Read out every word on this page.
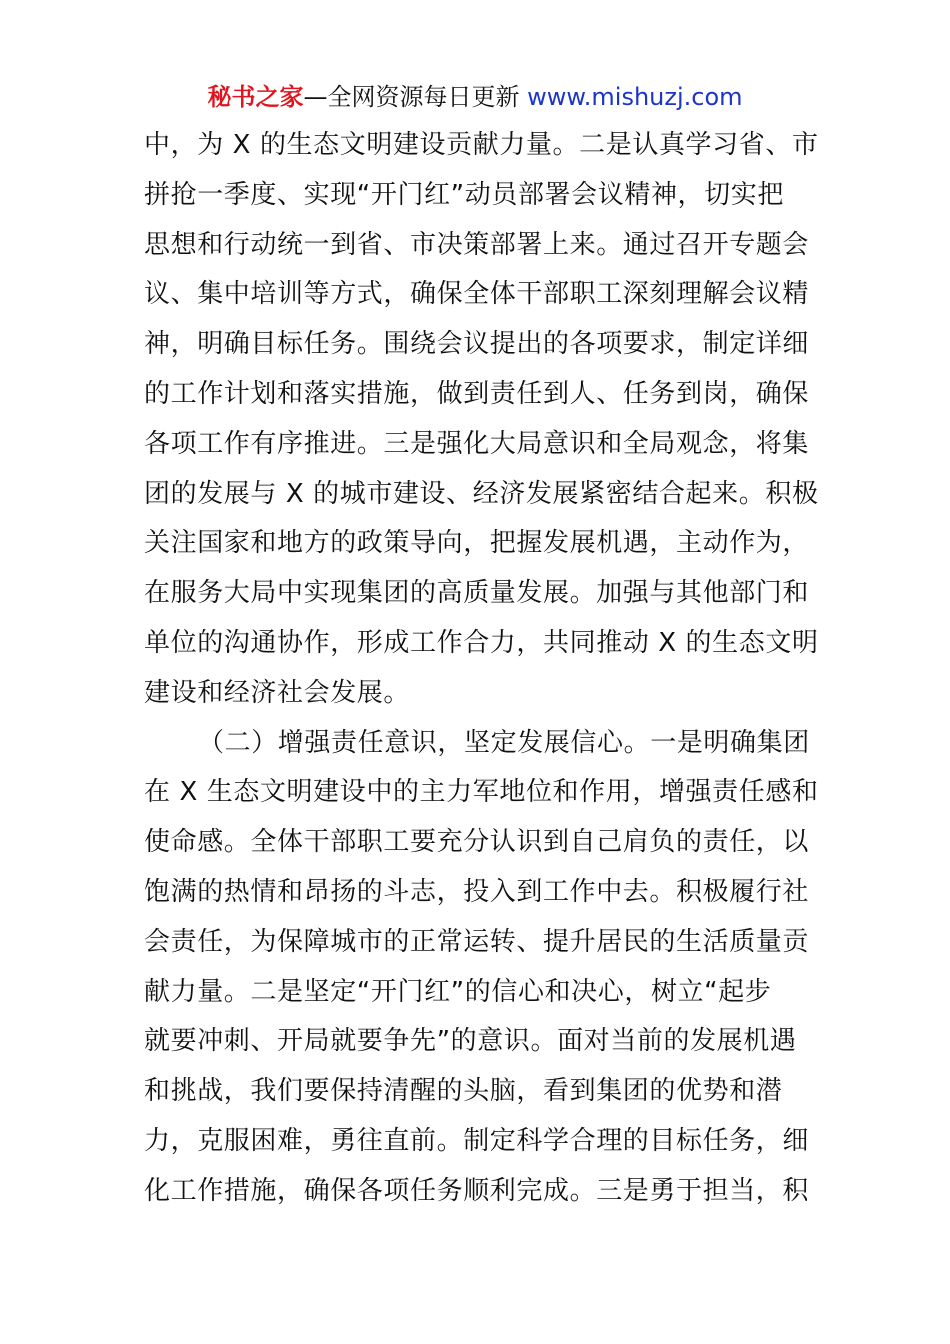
秘书之家—全网资源每日更新 www.mishuzj.com
中，为 X 的生态文明建设贡献力量。二是认真学习省、市
拼抢一季度、实现“开门红”动员部署会议精神，切实把
思想和行动统一到省、市决策部署上来。通过召开专题会
议、集中培训等方式，确保全体干部职工深刻理解会议精
神，明确目标任务。围绕会议提出的各项要求，制定详细
的工作计划和落实措施，做到责任到人、任务到岗，确保
各项工作有序推进。三是强化大局意识和全局观念，将集
团的发展与 X 的城市建设、经济发展紧密结合起来。积极
关注国家和地方的政策导向，把握发展机遇，主动作为，
在服务大局中实现集团的高质量发展。加强与其他部门和
单位的沟通协作，形成工作合力，共同推动 X 的生态文明
建设和经济社会发展。
（二）增强责任意识，坚定发展信心。一是明确集团
在 X 生态文明建设中的主力军地位和作用，增强责任感和
使命感。全体干部职工要充分认识到自己肩负的责任，以
饱满的热情和昂扬的斗志，投入到工作中去。积极履行社
会责任，为保障城市的正常运转、提升居民的生活质量贡
献力量。二是坚定“开门红”的信心和决心，树立“起步
就要冲刺、开局就要争先”的意识。面对当前的发展机遇
和挑战，我们要保持清醒的头脑，看到集团的优势和潜
力，克服困难，勇往直前。制定科学合理的目标任务，细
化工作措施，确保各项任务顺利完成。三是勇于担当，积
